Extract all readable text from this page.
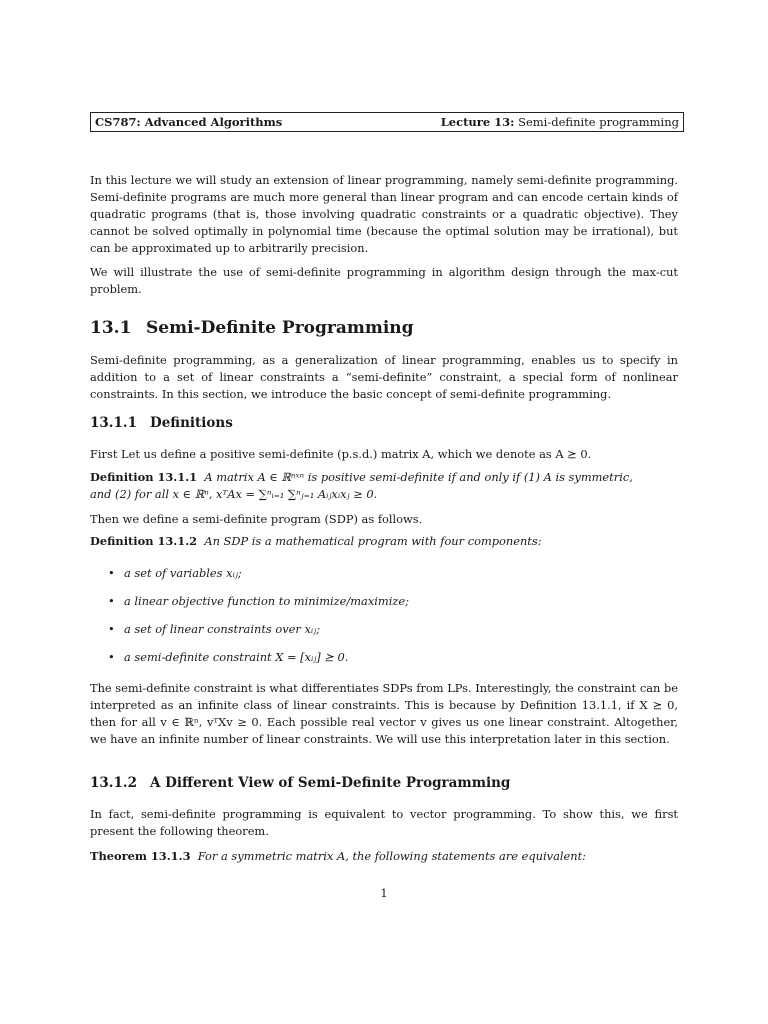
CS787: Advanced Algorithms	Lecture 13: Semi-definite programming

In this lecture we will study an extension of linear programming, namely semi-definite programming. Semi-definite programs are much more general than linear program and can encode certain kinds of quadratic programs (that is, those involving quadratic constraints or a quadratic objective). They cannot be solved optimally in polynomial time (because the optimal solution may be irrational), but can be approximated up to arbitrarily precision.

We will illustrate the use of semi-definite programming in algorithm design through the max-cut problem.

13.1 Semi-Definite Programming

Semi-definite programming, as a generalization of linear programming, enables us to specify in addition to a set of linear constraints a “semi-definite” constraint, a special form of nonlinear constraints. In this section, we introduce the basic concept of semi-definite programming.

13.1.1 Definitions

First Let us define a positive semi-definite (p.s.d.) matrix A, which we denote as A ⪰ 0.

Definition 13.1.1 A matrix A ∈ ℝⁿˣⁿ is positive semi-definite if and only if (1) A is symmetric,

and (2) for all x ∈ ℝⁿ, xᵀAx = ∑ⁿᵢ₌₁ ∑ⁿⱼ₌₁ Aᵢⱼxᵢxⱼ ≥ 0.

Then we define a semi-definite program (SDP) as follows.

Definition 13.1.2 An SDP is a mathematical program with four components:

• a set of variables xᵢⱼ;
• a linear objective function to minimize/maximize;
• a set of linear constraints over xᵢⱼ;
• a semi-definite constraint X = [xᵢⱼ] ⪰ 0.

The semi-definite constraint is what differentiates SDPs from LPs. Interestingly, the constraint can be interpreted as an infinite class of linear constraints. This is because by Definition 13.1.1, if X ⪰ 0, then for all v ∈ ℝⁿ, vᵀXv ≥ 0. Each possible real vector v gives us one linear constraint. Altogether, we have an infinite number of linear constraints. We will use this interpretation later in this section.

13.1.2 A Different View of Semi-Definite Programming

In fact, semi-definite programming is equivalent to vector programming. To show this, we first present the following theorem.

Theorem 13.1.3 For a symmetric matrix A, the following statements are equivalent:

1
